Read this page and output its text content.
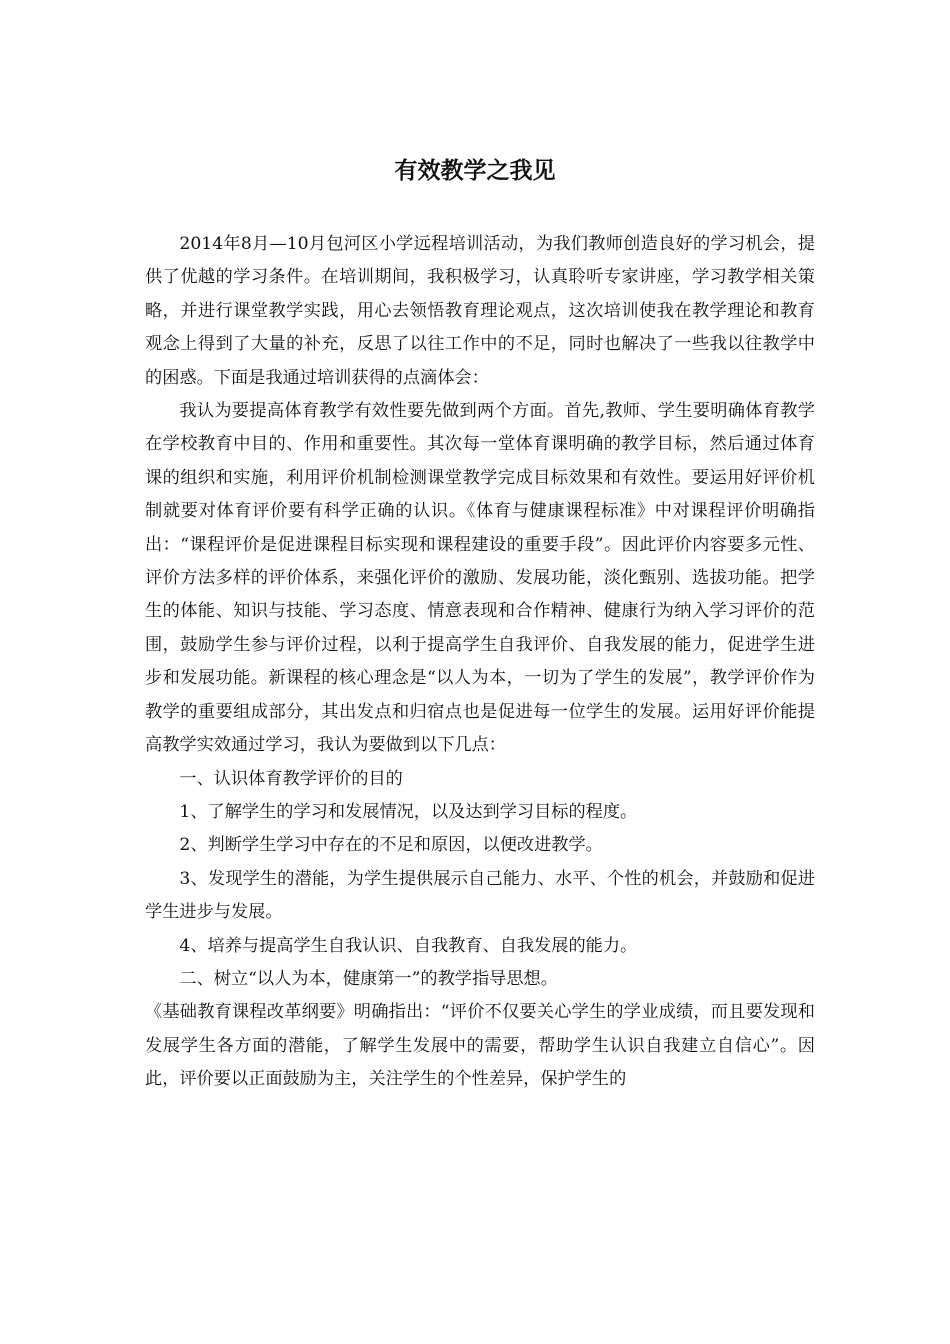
有效教学之我见

2014年8月—10月包河区小学远程培训活动，为我们教师创造良好的学习机会，提供了优越的学习条件。在培训期间，我积极学习，认真聆听专家讲座，学习教学相关策略，并进行课堂教学实践，用心去领悟教育理论观点，这次培训使我在教学理论和教育观念上得到了大量的补充，反思了以往工作中的不足，同时也解决了一些我以往教学中的困惑。下面是我通过培训获得的点滴体会：

我认为要提高体育教学有效性要先做到两个方面。首先,教师、学生要明确体育教学在学校教育中目的、作用和重要性。其次每一堂体育课明确的教学目标，然后通过体育课的组织和实施，利用评价机制检测课堂教学完成目标效果和有效性。要运用好评价机制就要对体育评价要有科学正确的认识。《体育与健康课程标准》中对课程评价明确指出：“课程评价是促进课程目标实现和课程建设的重要手段”。因此评价内容要多元性、评价方法多样的评价体系，来强化评价的激励、发展功能，淡化甄别、选拔功能。把学生的体能、知识与技能、学习态度、情意表现和合作精神、健康行为纳入学习评价的范围，鼓励学生参与评价过程，以利于提高学生自我评价、自我发展的能力，促进学生进步和发展功能。新课程的核心理念是“以人为本，一切为了学生的发展”，教学评价作为教学的重要组成部分，其出发点和归宿点也是促进每一位学生的发展。运用好评价能提高教学实效通过学习，我认为要做到以下几点：

一、认识体育教学评价的目的

1、了解学生的学习和发展情况，以及达到学习目标的程度。

2、判断学生学习中存在的不足和原因，以便改进教学。

3、发现学生的潜能，为学生提供展示自己能力、水平、个性的机会，并鼓励和促进学生进步与发展。

4、培养与提高学生自我认识、自我教育、自我发展的能力。

二、树立“以人为本，健康第一”的教学指导思想。

《基础教育课程改革纲要》明确指出：“评价不仅要关心学生的学业成绩，而且要发现和发展学生各方面的潜能，了解学生发展中的需要，帮助学生认识自我建立自信心”。因此，评价要以正面鼓励为主，关注学生的个性差异，保护学生的
